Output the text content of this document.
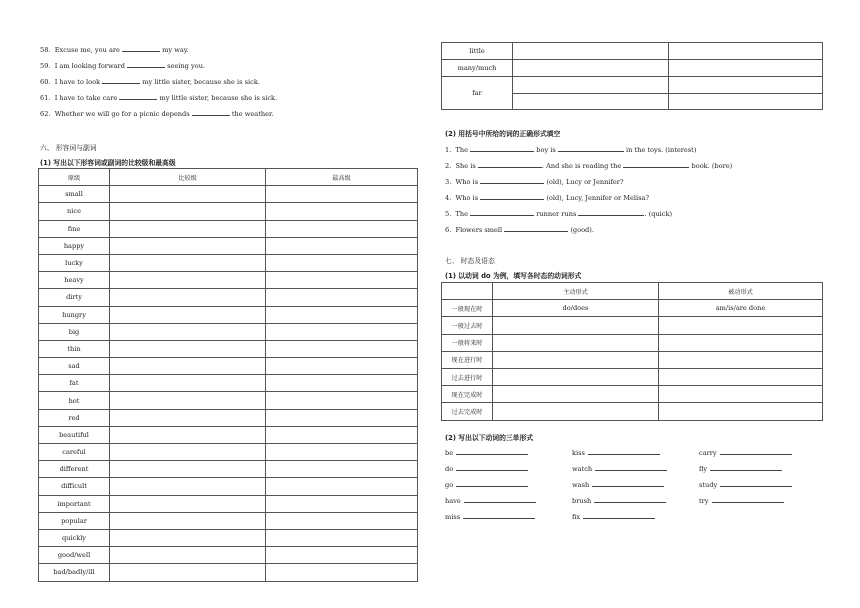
58. Excuse me, you are	my way.
59. I am looking forward	seeing you.
60. I have to look	my little sister, because she is sick.
61. I have to take care	my little sister, because she is sick.
62. Whether we will go for a picnic depends	the weather.
六、 形容词与副词
(1) 写出以下形容词或副词的比较级和最高级
原级	比较级	最高级
small		
nice		
fine		
happy		
lucky		
heavy		
dirty		
hungry		
big		
thin		
sad		
fat		
hot		
red		
beautiful		
careful		
different		
difficult		
important		
popular		
quickly		
good/well		
bad/badly/ill		
little		
many/much		
far		

(2) 用括号中所给的词的正确形式填空
1. The	boy is	in the toys. (interest)
2. She is	. And she is reading the	book. (bore)
3. Who is	(old), Lucy or Jennifer?
4. Who is	(old), Lucy, Jennifer or Melisa?
5. The	runner runs	. (quick)
6. Flowers smell	(good).
七、 时态及语态
(1) 以动词 do 为例，填写各时态的动词形式
	主动形式	被动形式
一般现在时	do/does	am/is/are done
一般过去时		
一般将来时		
现在进行时		
过去进行时		
现在完成时		
过去完成时		
(2) 写出以下动词的三单形式
be	kiss	carry
do	watch	fly
go	wash	study
have	brush	try
miss	fix
